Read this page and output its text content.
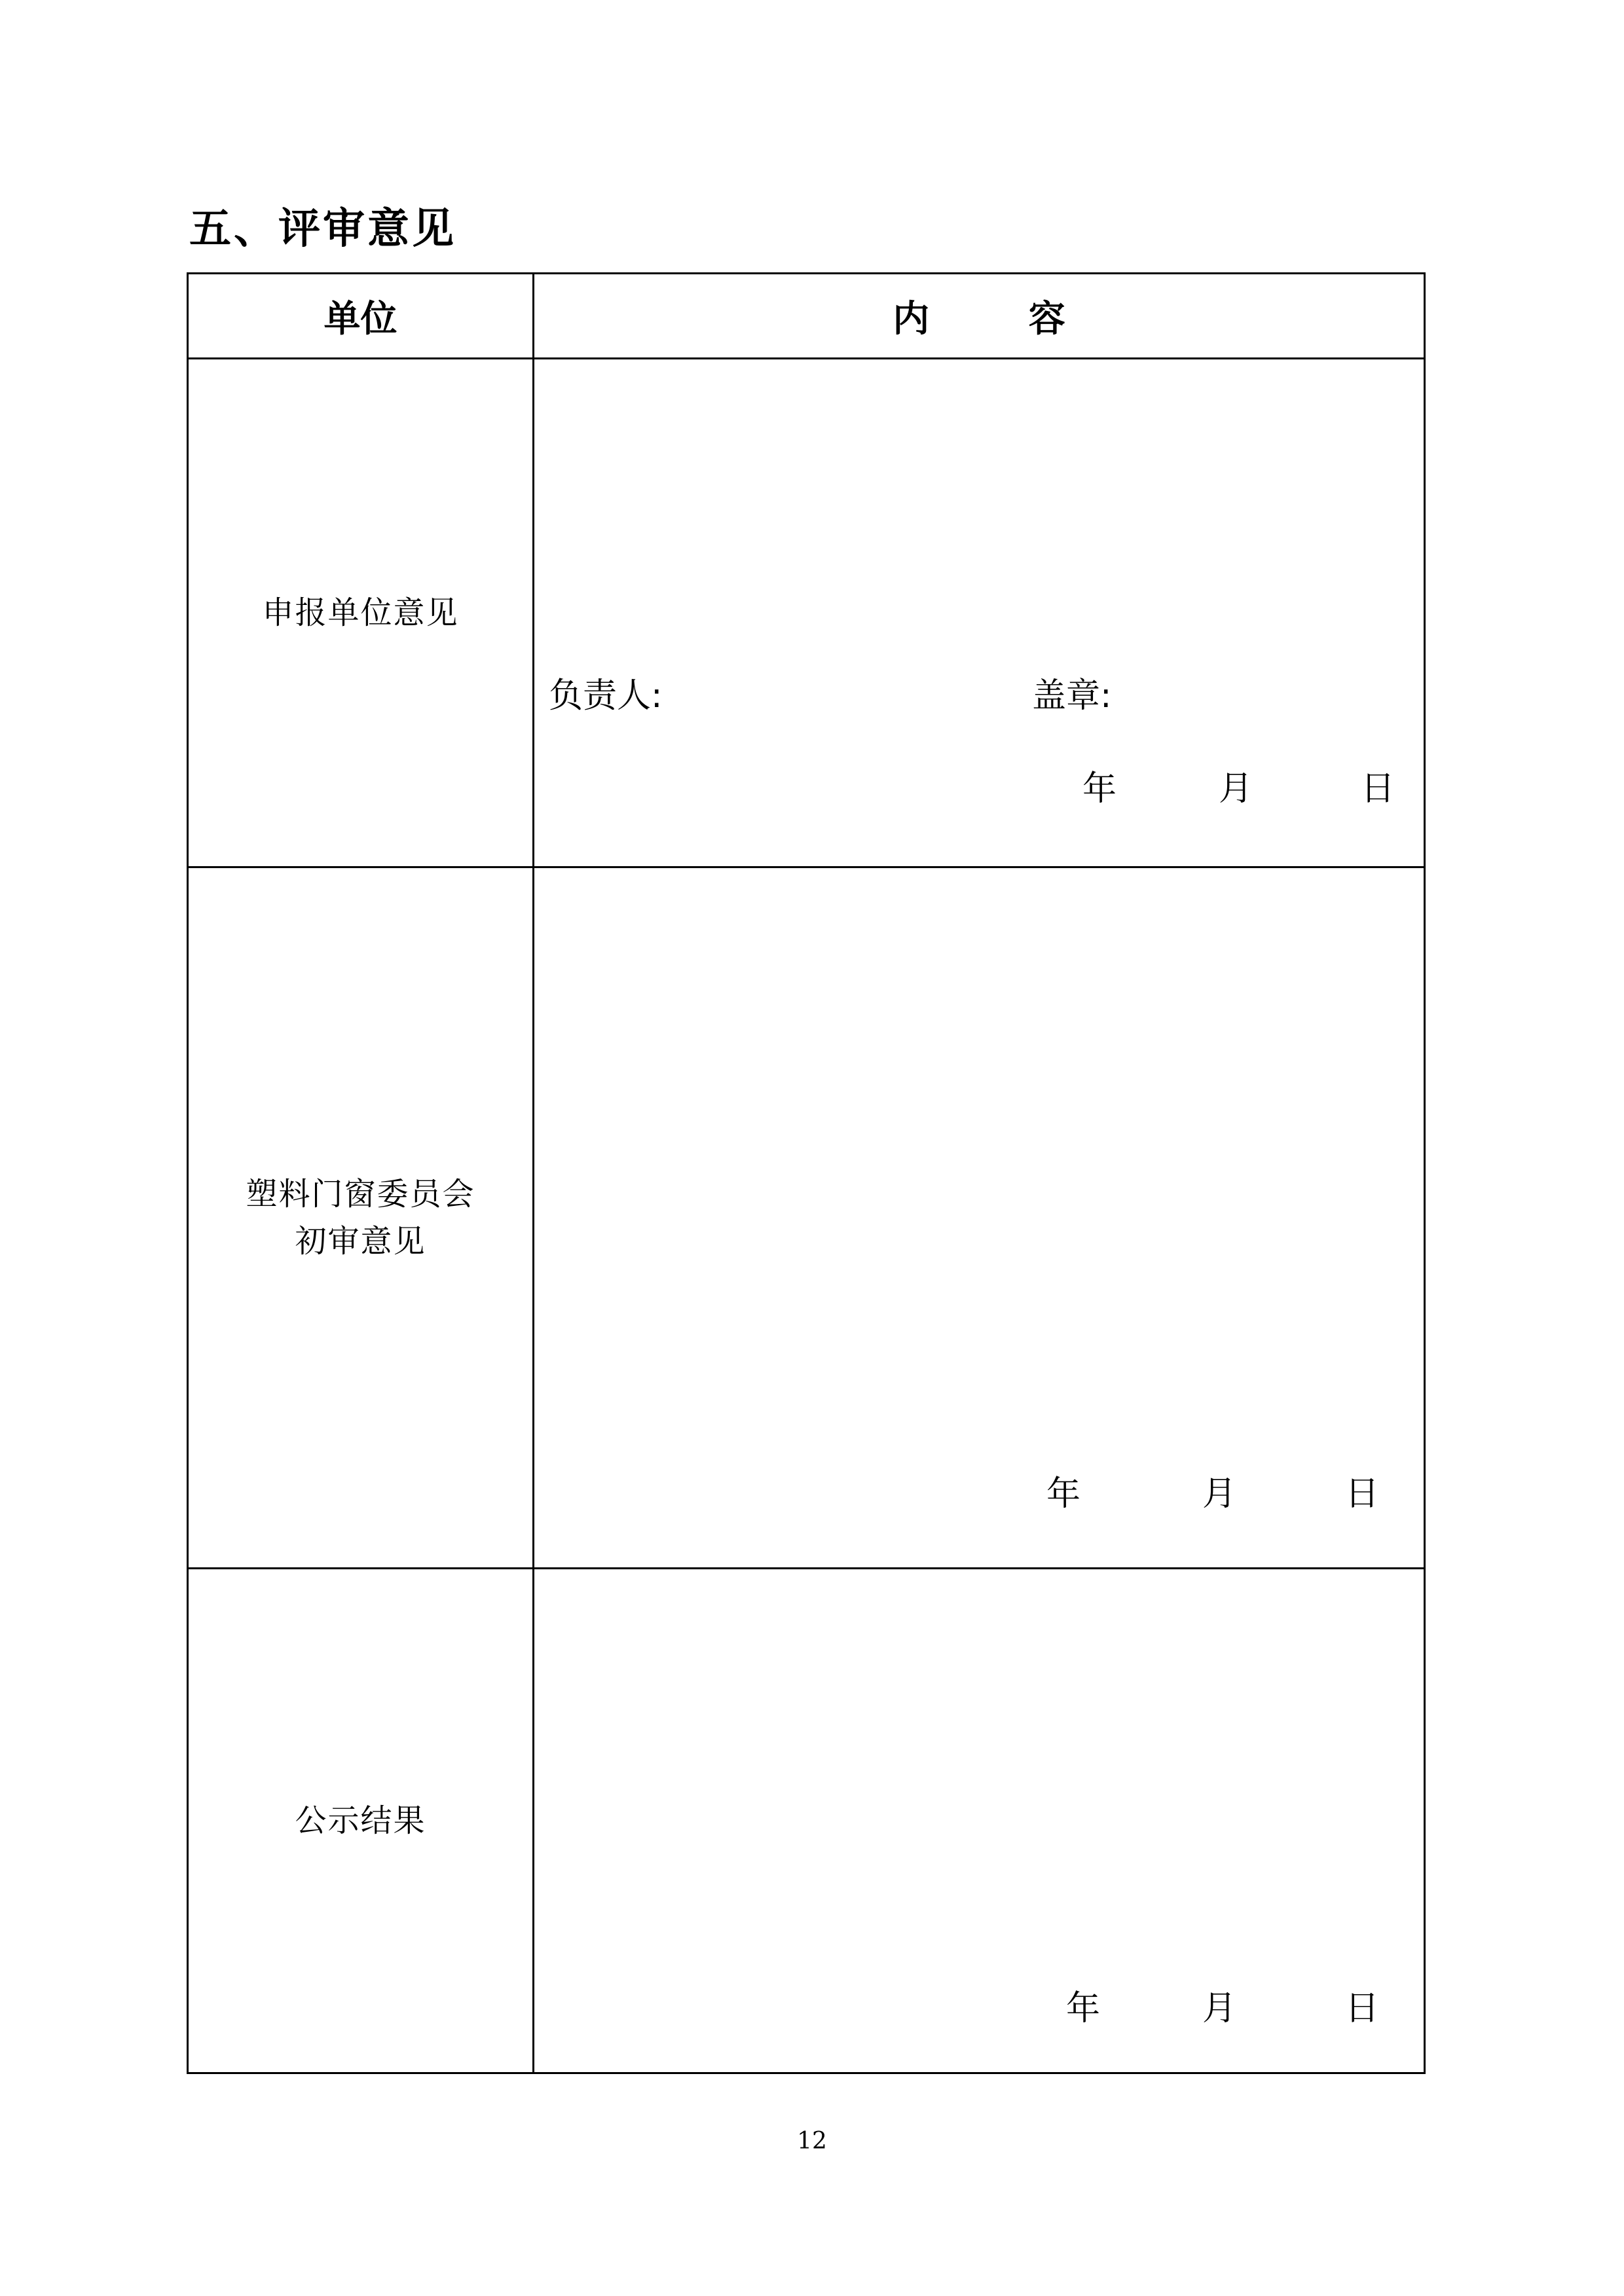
五、评审意见
单位	内 容

申报单位意见	负责人: 盖章:
年 月 日

塑料门窗委员会
初审意见	年 月 日

公示结果	年 月 日
12
